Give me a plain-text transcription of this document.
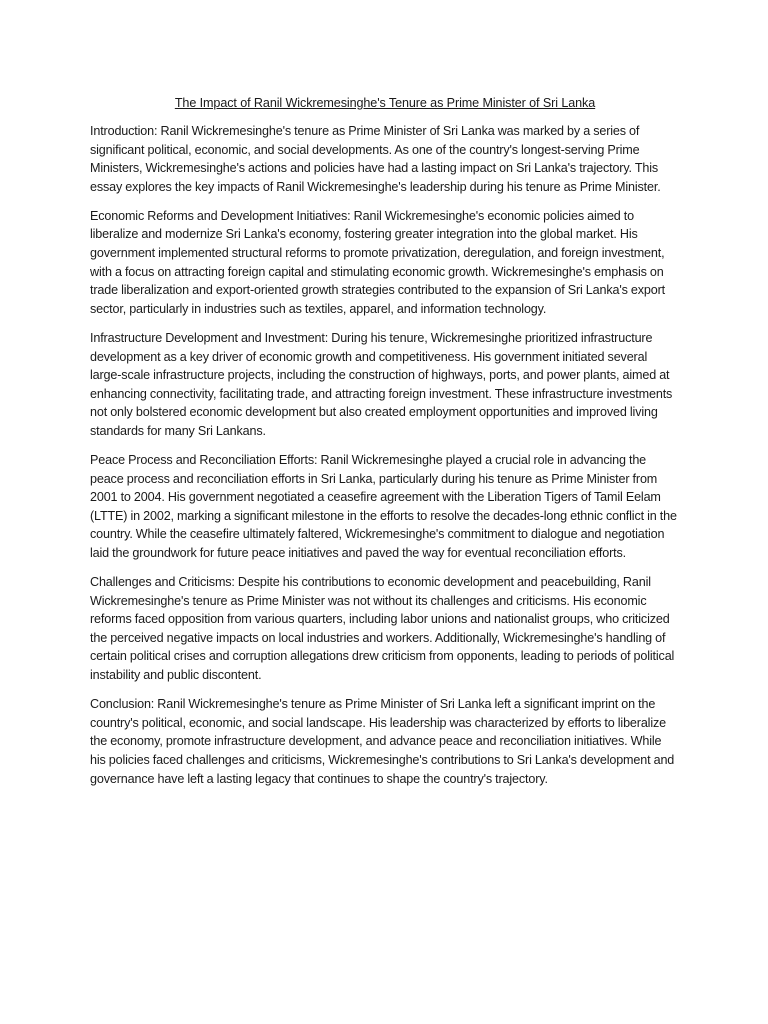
The Impact of Ranil Wickremesinghe's Tenure as Prime Minister of Sri Lanka

Introduction: Ranil Wickremesinghe's tenure as Prime Minister of Sri Lanka was marked by a series of significant political, economic, and social developments. As one of the country's longest-serving Prime Ministers, Wickremesinghe's actions and policies have had a lasting impact on Sri Lanka's trajectory. This essay explores the key impacts of Ranil Wickremesinghe's leadership during his tenure as Prime Minister.

Economic Reforms and Development Initiatives: Ranil Wickremesinghe's economic policies aimed to liberalize and modernize Sri Lanka's economy, fostering greater integration into the global market. His government implemented structural reforms to promote privatization, deregulation, and foreign investment, with a focus on attracting foreign capital and stimulating economic growth. Wickremesinghe's emphasis on trade liberalization and export-oriented growth strategies contributed to the expansion of Sri Lanka's export sector, particularly in industries such as textiles, apparel, and information technology.

Infrastructure Development and Investment: During his tenure, Wickremesinghe prioritized infrastructure development as a key driver of economic growth and competitiveness. His government initiated several large-scale infrastructure projects, including the construction of highways, ports, and power plants, aimed at enhancing connectivity, facilitating trade, and attracting foreign investment. These infrastructure investments not only bolstered economic development but also created employment opportunities and improved living standards for many Sri Lankans.

Peace Process and Reconciliation Efforts: Ranil Wickremesinghe played a crucial role in advancing the peace process and reconciliation efforts in Sri Lanka, particularly during his tenure as Prime Minister from 2001 to 2004. His government negotiated a ceasefire agreement with the Liberation Tigers of Tamil Eelam (LTTE) in 2002, marking a significant milestone in the efforts to resolve the decades-long ethnic conflict in the country. While the ceasefire ultimately faltered, Wickremesinghe's commitment to dialogue and negotiation laid the groundwork for future peace initiatives and paved the way for eventual reconciliation efforts.

Challenges and Criticisms: Despite his contributions to economic development and peacebuilding, Ranil Wickremesinghe's tenure as Prime Minister was not without its challenges and criticisms. His economic reforms faced opposition from various quarters, including labor unions and nationalist groups, who criticized the perceived negative impacts on local industries and workers. Additionally, Wickremesinghe's handling of certain political crises and corruption allegations drew criticism from opponents, leading to periods of political instability and public discontent.

Conclusion: Ranil Wickremesinghe's tenure as Prime Minister of Sri Lanka left a significant imprint on the country's political, economic, and social landscape. His leadership was characterized by efforts to liberalize the economy, promote infrastructure development, and advance peace and reconciliation initiatives. While his policies faced challenges and criticisms, Wickremesinghe's contributions to Sri Lanka's development and governance have left a lasting legacy that continues to shape the country's trajectory.
